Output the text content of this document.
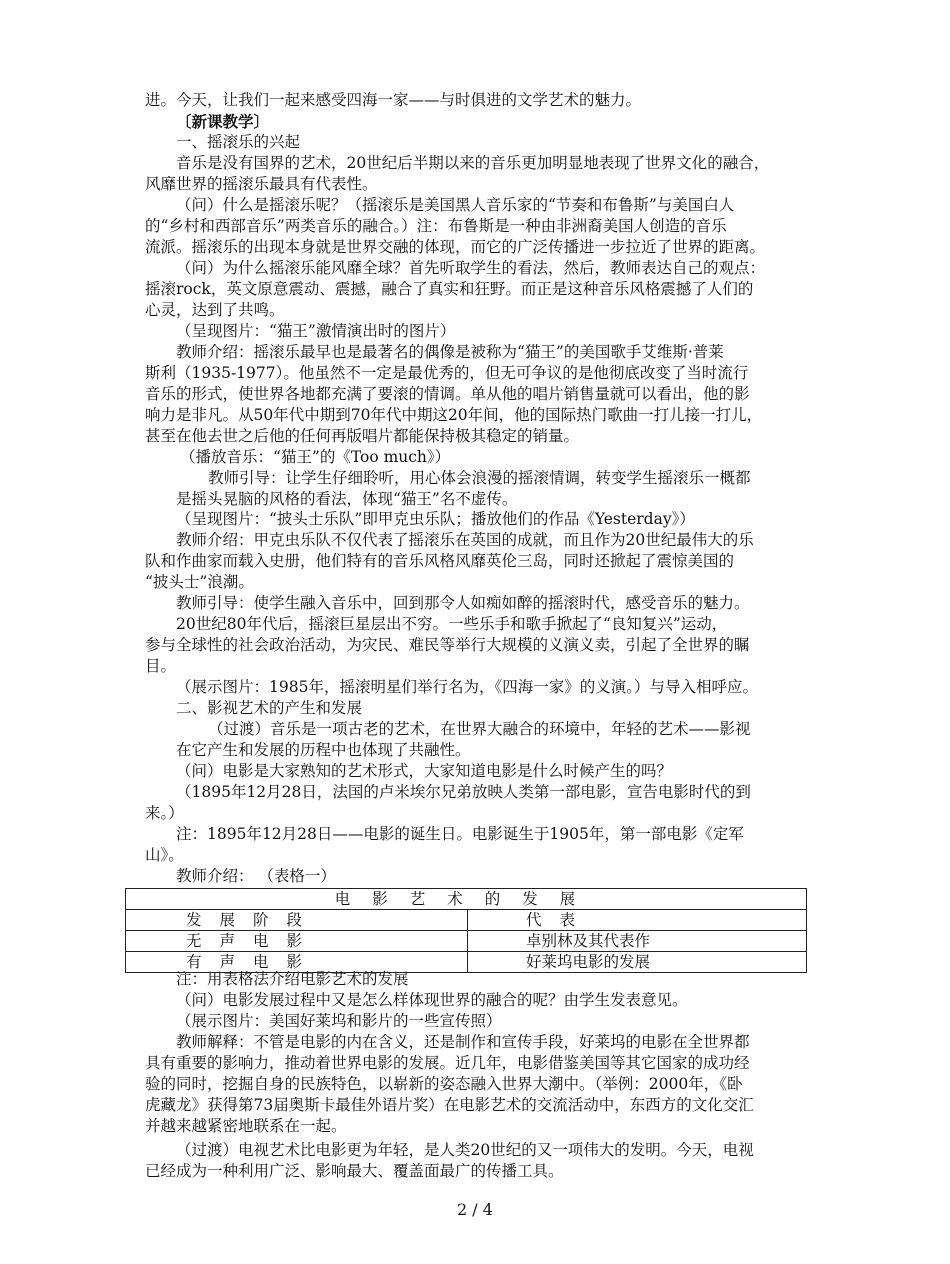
进。今天，让我们一起来感受四海一家——与时俱进的文学艺术的魅力。
〔新课教学〕
一、摇滚乐的兴起
音乐是没有国界的艺术，20世纪后半期以来的音乐更加明显地表现了世界文化的融合，
风靡世界的摇滚乐最具有代表性。
（问）什么是摇滚乐呢？（摇滚乐是美国黑人音乐家的“节奏和布鲁斯”与美国白人
的“乡村和西部音乐”两类音乐的融合。）注：布鲁斯是一种由非洲裔美国人创造的音乐
流派。摇滚乐的出现本身就是世界交融的体现，而它的广泛传播进一步拉近了世界的距离。
（问）为什么摇滚乐能风靡全球？首先听取学生的看法，然后，教师表达自己的观点：
摇滚rock，英文原意震动、震撼，融合了真实和狂野。而正是这种音乐风格震撼了人们的
心灵，达到了共鸣。
（呈现图片：“猫王”激情演出时的图片）
教师介绍：摇滚乐最早也是最著名的偶像是被称为“猫王”的美国歌手艾维斯·普莱
斯利（1935-1977）。他虽然不一定是最优秀的，但无可争议的是他彻底改变了当时流行
音乐的形式，使世界各地都充满了要滚的情调。单从他的唱片销售量就可以看出，他的影
响力是非凡。从50年代中期到70年代中期这20年间，他的国际热门歌曲一打儿接一打儿，
甚至在他去世之后他的任何再版唱片都能保持极其稳定的销量。
（播放音乐：“猫王”的《Too much》）
教师引导：让学生仔细聆听，用心体会浪漫的摇滚情调，转变学生摇滚乐一概都
是摇头晃脑的风格的看法，体现“猫王”名不虚传。
（呈现图片：“披头士乐队”即甲克虫乐队；播放他们的作品《Yesterday》）
教师介绍：甲克虫乐队不仅代表了摇滚乐在英国的成就，而且作为20世纪最伟大的乐
队和作曲家而载入史册，他们特有的音乐风格风靡英伦三岛，同时还掀起了震惊美国的
“披头士”浪潮。
教师引导：使学生融入音乐中，回到那令人如痴如醉的摇滚时代，感受音乐的魅力。
20世纪80年代后，摇滚巨星层出不穷。一些乐手和歌手掀起了“良知复兴”运动，
参与全球性的社会政治活动，为灾民、难民等举行大规模的义演义卖，引起了全世界的瞩
目。
（展示图片：1985年，摇滚明星们举行名为，《四海一家》的义演。）与导入相呼应。
二、影视艺术的产生和发展
（过渡）音乐是一项古老的艺术，在世界大融合的环境中，年轻的艺术——影视
在它产生和发展的历程中也体现了共融性。
注：用表格法介绍电影艺术的发展
（问）电影发展过程中又是怎么样体现世界的融合的呢？由学生发表意见。
（展示图片：美国好莱坞和影片的一些宣传照）
教师解释：不管是电影的内在含义，还是制作和宣传手段，好莱坞的电影在全世界都
具有重要的影响力，推动着世界电影的发展。近几年，电影借鉴美国等其它国家的成功经
验的同时，挖掘自身的民族特色，以崭新的姿态融入世界大潮中。（举例：2000年，《卧
虎藏龙》获得第73届奥斯卡最佳外语片奖）在电影艺术的交流活动中，东西方的文化交汇
并越来越紧密地联系在一起。
（过渡）电视艺术比电影更为年轻，是人类20世纪的又一项伟大的发明。今天，电视
已经成为一种利用广泛、影响最大、覆盖面最广的传播工具。
电影艺术的发展	
发展阶段	代表
无声电影	卓别林及其代表作
有声电影	好莱坞电影的发展
2 / 4
（问）电影是大家熟知的艺术形式，大家知道电影是什么时候产生的吗？
（1895年12月28日，法国的卢米埃尔兄弟放映人类第一部电影，宣告电影时代的到
来。）
注：1895年12月28日——电影的诞生日。电影诞生于1905年，第一部电影《定军
山》。
教师介绍： （表格一）
